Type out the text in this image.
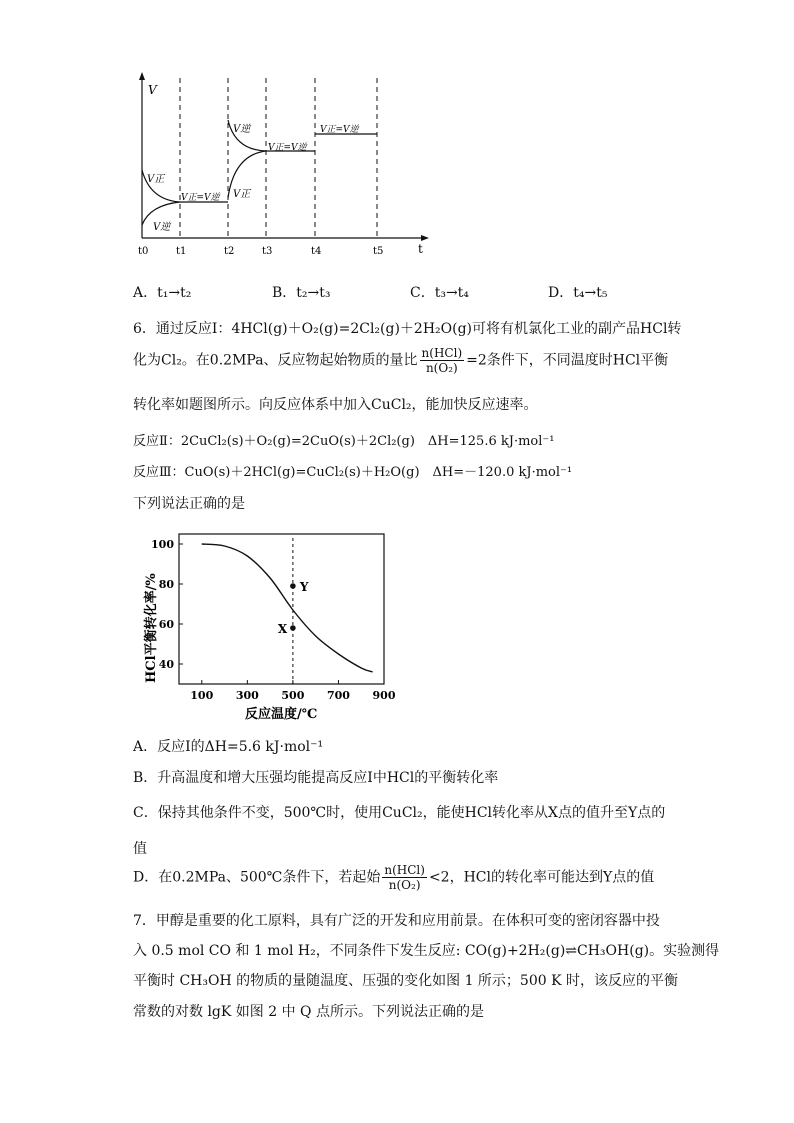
V
t
V正
V逆
V正=V逆
V逆
V正
V正=V逆
V正=V逆
t0	t1	t2	t3	t4	t5
A．t₁→t₂	B．t₂→t₃	C．t₃→t₄	D．t₄→t₅
6．通过反应Ⅰ：4HCl(g)＋O₂(g)=2Cl₂(g)＋2H₂O(g)可将有机氯化工业的副产品HCl转
化为Cl₂。在0.2MPa、反应物起始物质的量比 $\frac{\text{n(HCl)}}{\text{n(O₂)}} =2$条件下，不同温度时HCl平衡
转化率如题图所示。向反应体系中加入CuCl₂，能加快反应速率。
反应Ⅱ：2CuCl₂(s)＋O₂(g)=2CuO(s)＋2Cl₂(g)　ΔH=125.6 kJ·mol⁻¹
反应Ⅲ：CuO(s)＋2HCl(g)=CuCl₂(s)＋H₂O(g)　ΔH=－120.0 kJ·mol⁻¹
下列说法正确的是
HCl平衡转化率/%
反应温度/℃
100 300 500 700 900
100
80
60
40
Y
X
A．反应Ⅰ的ΔH=5.6 kJ·mol⁻¹
B．升高温度和增大压强均能提高反应Ⅰ中HCl的平衡转化率
C．保持其他条件不变，500℃时，使用CuCl₂，能使HCl转化率从X点的值升至Y点的
值
D．在0.2MPa、500℃条件下，若起始 $\frac{\text{n(HCl)}}{\text{n(O₂)}} <2$，HCl的转化率可能达到Y点的值
7．甲醇是重要的化工原料，具有广泛的开发和应用前景。在体积可变的密闭容器中投
入 0.5 mol CO 和 1 mol H₂，不同条件下发生反应: CO(g)+2H₂(g)⇌CH₃OH(g)。实验测得
平衡时 CH₃OH 的物质的量随温度、压强的变化如图 1 所示；500 K 时，该反应的平衡
常数的对数 lgK 如图 2 中 Q 点所示。下列说法正确的是
